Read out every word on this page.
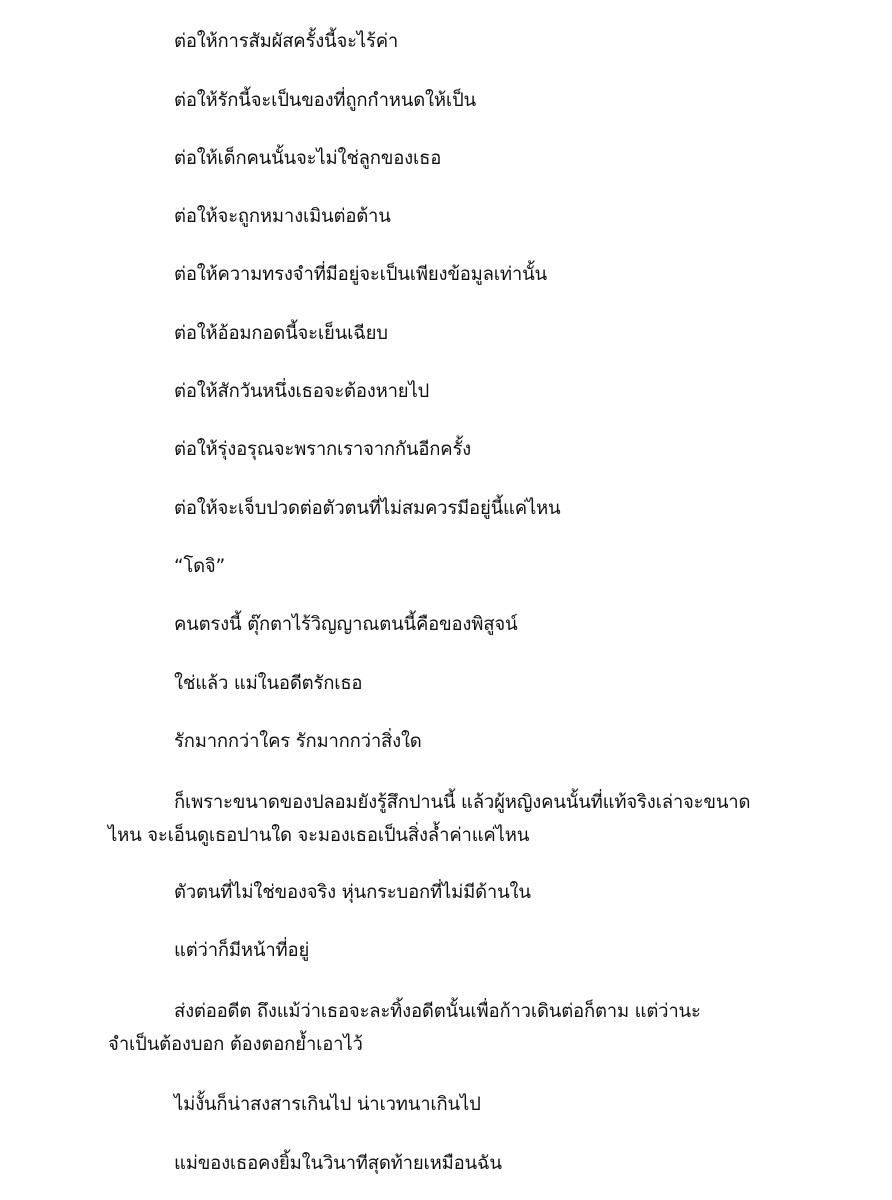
ต่อให้การสัมผัสครั้งนี้จะไร้ค่า
ต่อให้รักนี้จะเป็นของที่ถูกกำหนดให้เป็น
ต่อให้เด็กคนนั้นจะไม่ใช่ลูกของเธอ
ต่อให้จะถูกหมางเมินต่อต้าน
ต่อให้ความทรงจำที่มีอยู่จะเป็นเพียงข้อมูลเท่านั้น
ต่อให้อ้อมกอดนี้จะเย็นเฉียบ
ต่อให้สักวันหนึ่งเธอจะต้องหายไป
ต่อให้รุ่งอรุณจะพรากเราจากกันอีกครั้ง
ต่อให้จะเจ็บปวดต่อตัวตนที่ไม่สมควรมีอยู่นี้แค่ไหน
“โดจิ”
คนตรงนี้ ตุ๊กตาไร้วิญญาณตนนี้คือของพิสูจน์
ใช่แล้ว แม่ในอดีตรักเธอ
รักมากกว่าใคร รักมากกว่าสิ่งใด
ก็เพราะขนาดของปลอมยังรู้สึกปานนี้ แล้วผู้หญิงคนนั้นที่แท้จริงเล่าจะขนาด
ไหน จะเอ็นดูเธอปานใด จะมองเธอเป็นสิ่งล้ำค่าแค่ไหน
ตัวตนที่ไม่ใช่ของจริง หุ่นกระบอกที่ไม่มีด้านใน
แต่ว่าก็มีหน้าที่อยู่
ส่งต่ออดีต ถึงแม้ว่าเธอจะละทิ้งอดีตนั้นเพื่อก้าวเดินต่อก็ตาม แต่ว่านะ
จำเป็นต้องบอก ต้องตอกย้ำเอาไว้
ไม่งั้นก็น่าสงสารเกินไป น่าเวทนาเกินไป
แม่ของเธอคงยิ้มในวินาทีสุดท้ายเหมือนฉัน
